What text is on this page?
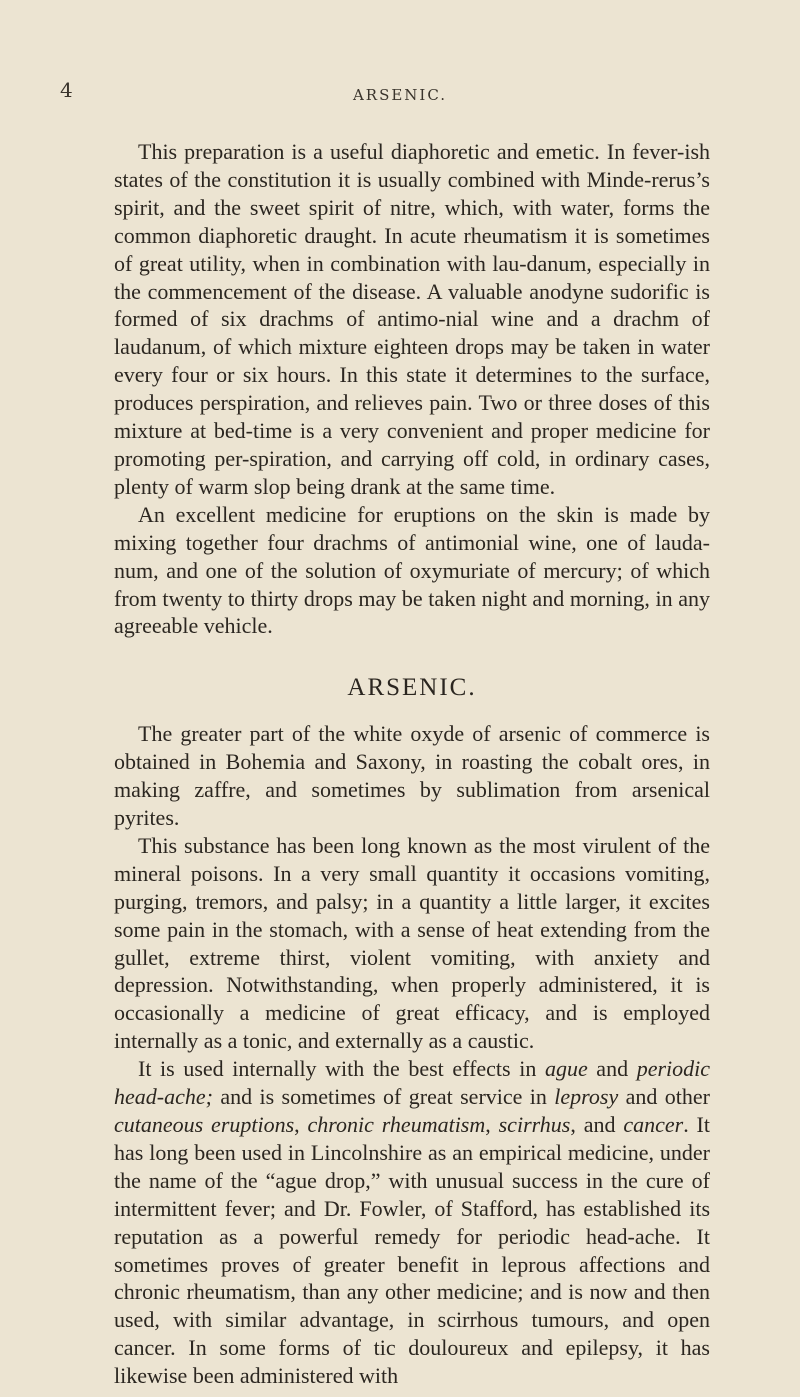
4	ARSENIC.

This preparation is a useful diaphoretic and emetic. In fever-ish states of the constitution it is usually combined with Minde-rerus’s spirit, and the sweet spirit of nitre, which, with water, forms the common diaphoretic draught. In acute rheumatism it is sometimes of great utility, when in combination with lau-danum, especially in the commencement of the disease. A valuable anodyne sudorific is formed of six drachms of antimo-nial wine and a drachm of laudanum, of which mixture eighteen drops may be taken in water every four or six hours. In this state it determines to the surface, produces perspiration, and relieves pain. Two or three doses of this mixture at bed-time is a very convenient and proper medicine for promoting per-spiration, and carrying off cold, in ordinary cases, plenty of warm slop being drank at the same time.

An excellent medicine for eruptions on the skin is made by mixing together four drachms of antimonial wine, one of lauda-num, and one of the solution of oxymuriate of mercury; of which from twenty to thirty drops may be taken night and morning, in any agreeable vehicle.

ARSENIC.

The greater part of the white oxyde of arsenic of commerce is obtained in Bohemia and Saxony, in roasting the cobalt ores, in making zaffre, and sometimes by sublimation from arsenical pyrites.

This substance has been long known as the most virulent of the mineral poisons. In a very small quantity it occasions vomiting, purging, tremors, and palsy; in a quantity a little larger, it excites some pain in the stomach, with a sense of heat extending from the gullet, extreme thirst, violent vomiting, with anxiety and depression. Notwithstanding, when properly administered, it is occasionally a medicine of great efficacy, and is employed internally as a tonic, and externally as a caustic.

It is used internally with the best effects in ague and periodic head-ache; and is sometimes of great service in leprosy and other cutaneous eruptions, chronic rheumatism, scirrhus, and cancer. It has long been used in Lincolnshire as an empirical medicine, under the name of the “ague drop,” with unusual success in the cure of intermittent fever; and Dr. Fowler, of Stafford, has established its reputation as a powerful remedy for periodic head-ache. It sometimes proves of greater benefit in leprous affections and chronic rheumatism, than any other medicine; and is now and then used, with similar advantage, in scirrhous tumours, and open cancer. In some forms of tic douloureux and epilepsy, it has likewise been administered with
